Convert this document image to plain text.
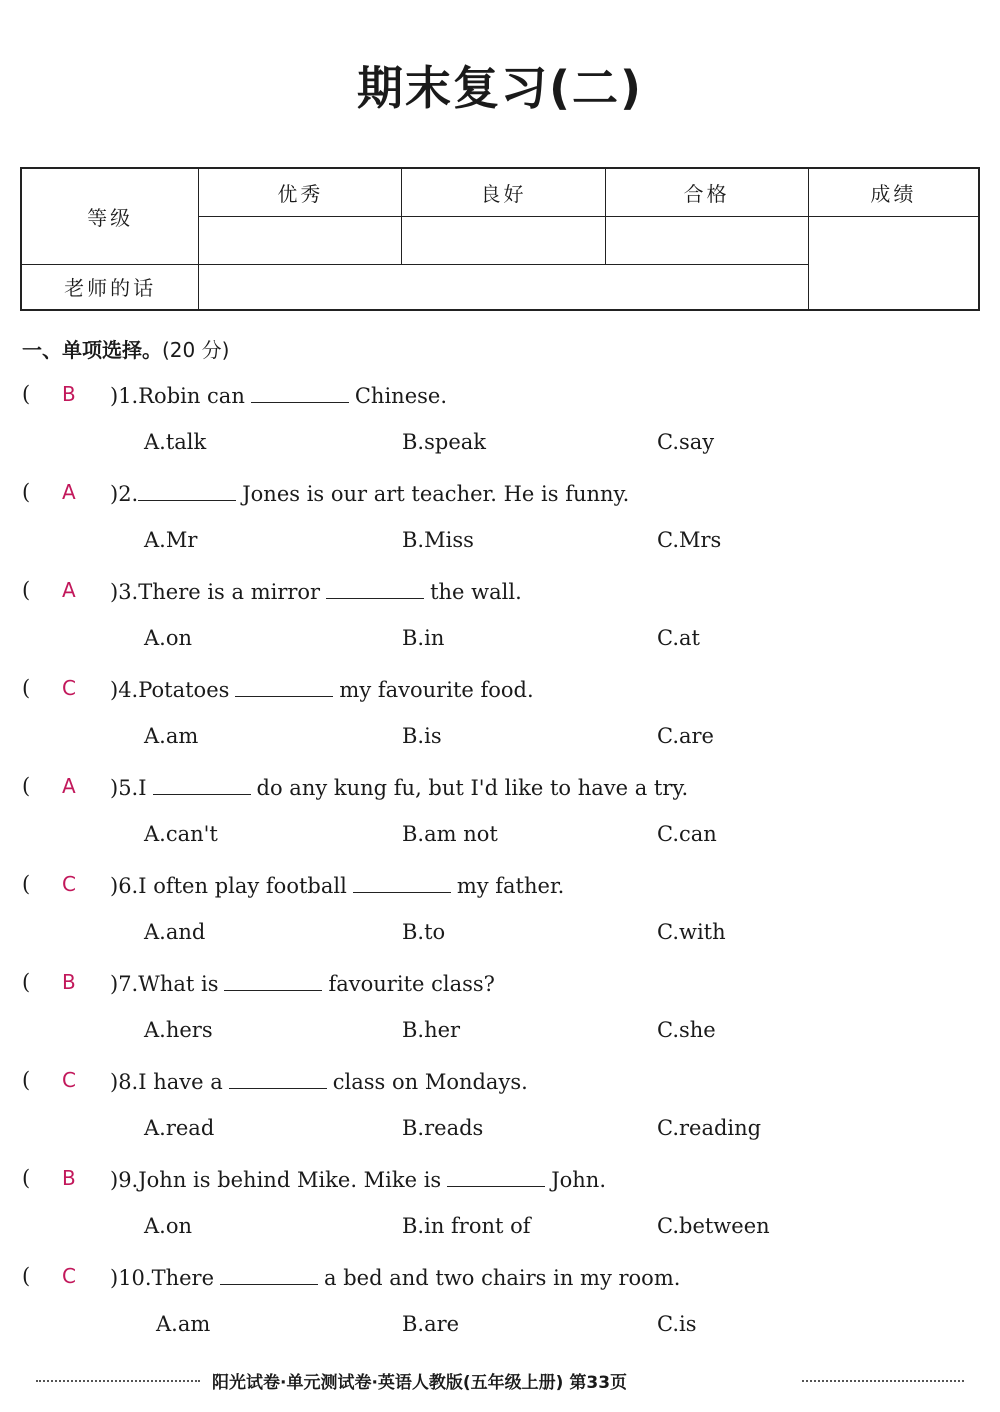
期末复习(二)
等级	优秀	良好	合格	成绩

老师的话				
一、单项选择。(20 分)
( B )1.Robin can	Chinese.
A.talk	B.speak	C.say
( A )2.	Jones is our art teacher. He is funny.
A.Mr	B.Miss	C.Mrs
( A )3.There is a mirror	the wall.
A.on	B.in	C.at
( C )4.Potatoes	my favourite food.
A.am	B.is	C.are
( A )5.I	do any kung fu, but I'd like to have a try.
A.can't	B.am not	C.can
( C )6.I often play football	my father.
A.and	B.to	C.with
( B )7.What is	favourite class?
A.hers	B.her	C.she
( C )8.I have a	class on Mondays.
A.read	B.reads	C.reading
( B )9.John is behind Mike. Mike is	John.
A.on	B.in front of	C.between
( C )10.There	a bed and two chairs in my room.
A.am	B.are	C.is
阳光试卷·单元测试卷·英语人教版(五年级上册) 第33页
